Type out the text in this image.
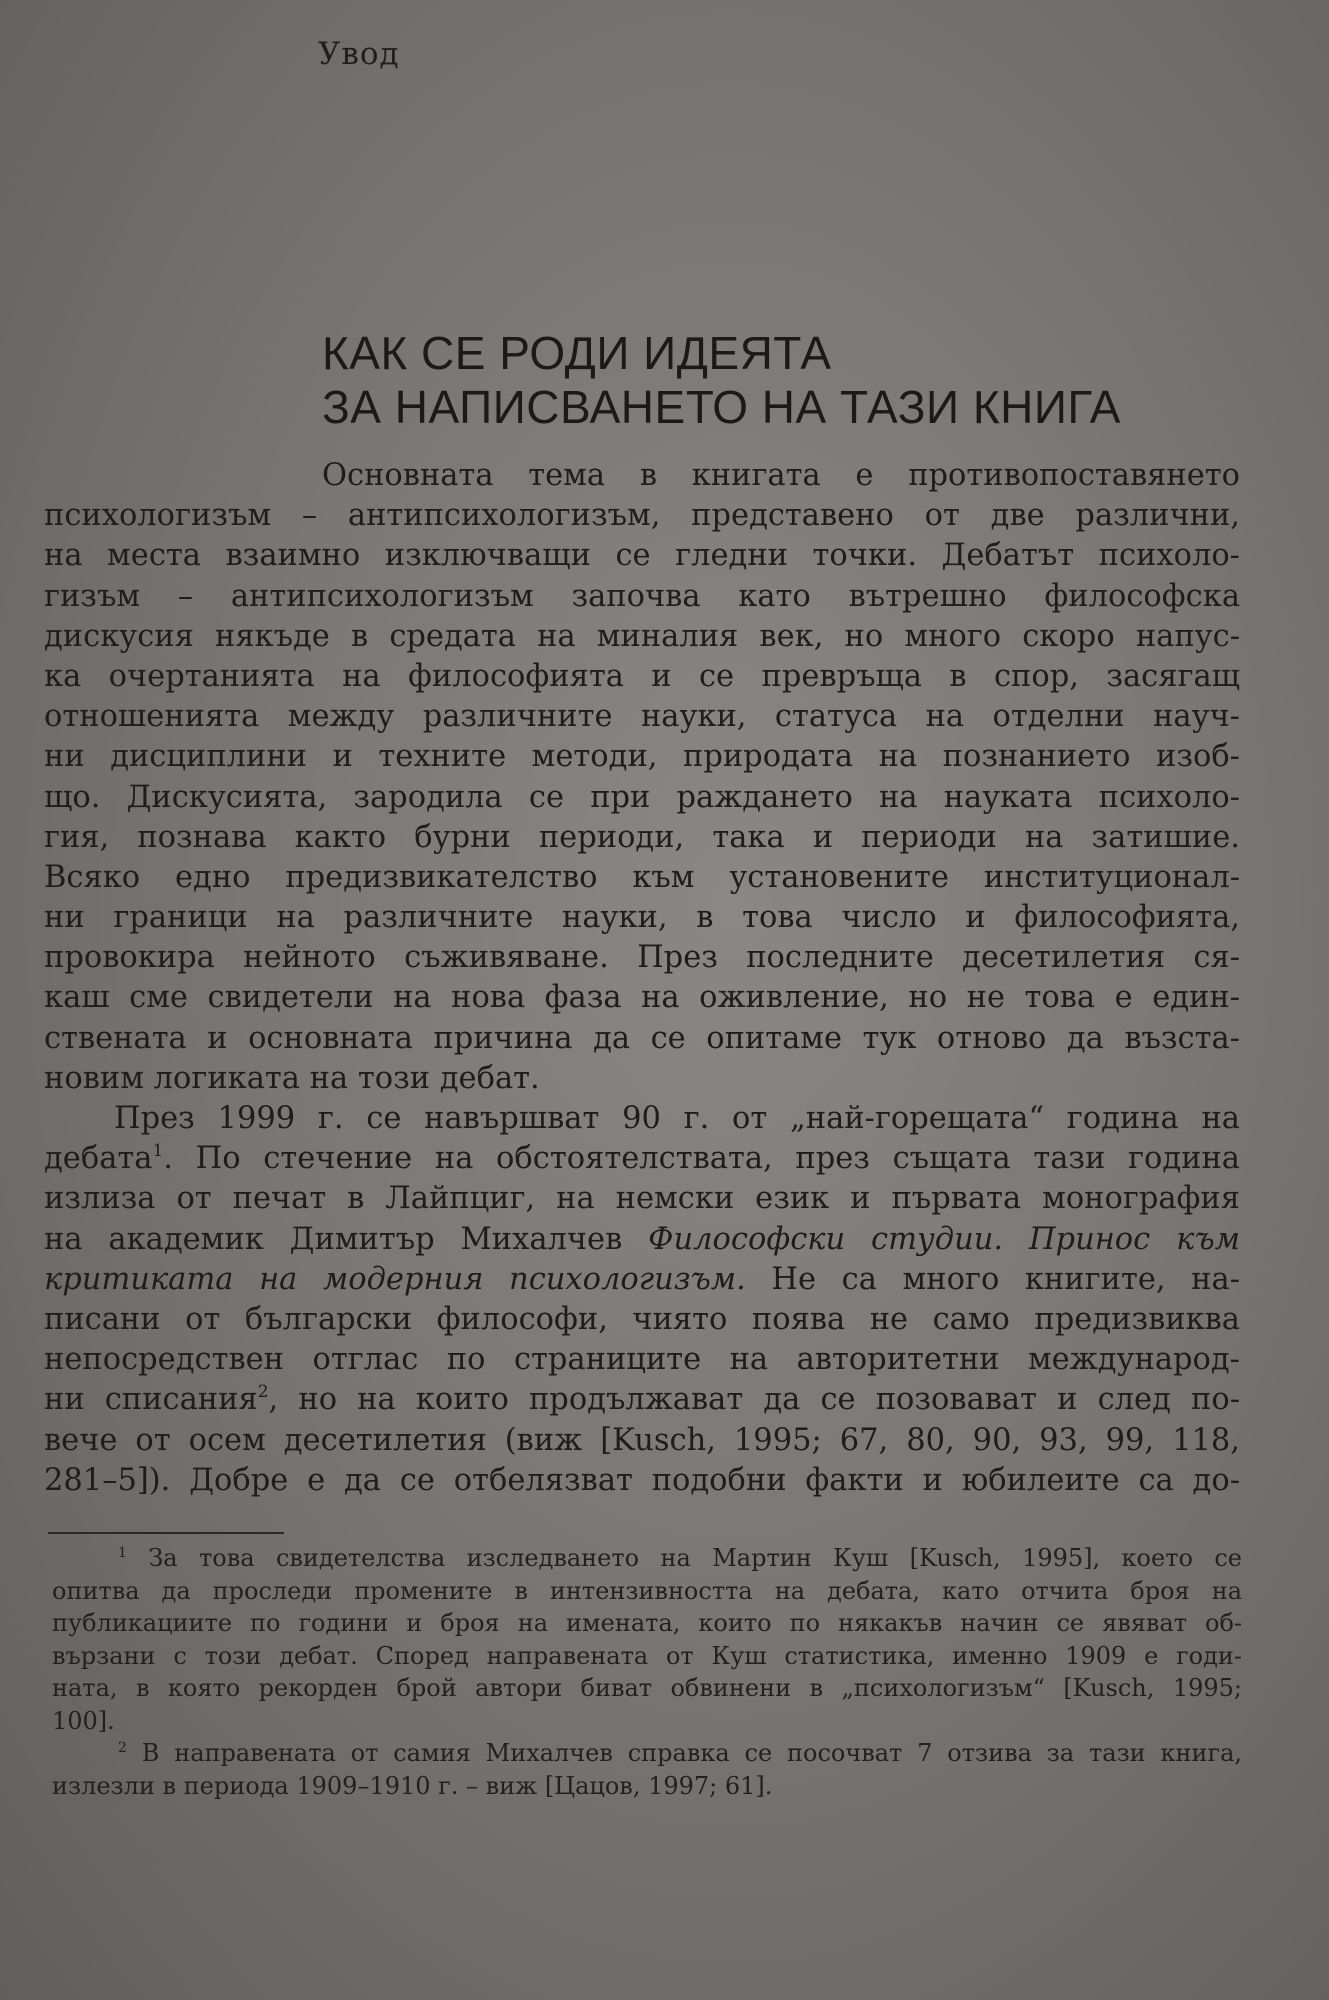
Увод
КАК СЕ РОДИ ИДЕЯТА
ЗА НАПИСВАНЕТО НА ТАЗИ КНИГА
Основната тема в книгата е противопоставянето
психологизъм – антипсихологизъм, представено от две различни,
на места взаимно изключващи се гледни точки. Дебатът психоло-
гизъм – антипсихологизъм започва като вътрешно философска
дискусия някъде в средата на миналия век, но много скоро напус-
ка очертанията на философията и се превръща в спор, засягащ
отношенията между различните науки, статуса на отделни науч-
ни дисциплини и техните методи, природата на познанието изоб-
що. Дискусията, зародила се при раждането на науката психоло-
гия, познава както бурни периоди, така и периоди на затишие.
Всяко едно предизвикателство към установените институционал-
ни граници на различните науки, в това число и философията,
провокира нейното съживяване. През последните десетилетия ся-
каш сме свидетели на нова фаза на оживление, но не това е един-
ствената и основната причина да се опитаме тук отново да възста-
новим логиката на този дебат.
През 1999 г. се навършват 90 г. от „най-горещата“ година на
дебата$^1$. По стечение на обстоятелствата, през същата тази година
излиза от печат в Лайпциг, на немски език и първата монография
на академик Димитър Михалчев Философски студии. Принос към
критиката на модерния психологизъм. Не са много книгите, на-
писани от български философи, чиято поява не само предизвиква
непосредствен отглас по страниците на авторитетни международ-
ни списания$^2$, но на които продължават да се позовават и след по-
вече от осем десетилетия (виж [Kusch, 1995; 67, 80, 90, 93, 99, 118,
281–5]). Добре е да се отбелязват подобни факти и юбилеите са до-
$^1$ За това свидетелства изследването на Мартин Куш [Kusch, 1995], което се
опитва да проследи промените в интензивността на дебата, като отчита броя на
публикациите по години и броя на имената, които по някакъв начин се явяват об-
вързани с този дебат. Според направената от Куш статистика, именно 1909 е годи-
ната, в която рекорден брой автори биват обвинени в „психологизъм“ [Kusch, 1995;
100].
$^2$ В направената от самия Михалчев справка се посочват 7 отзива за тази книга,
излезли в периода 1909–1910 г. – виж [Цацов, 1997; 61].
